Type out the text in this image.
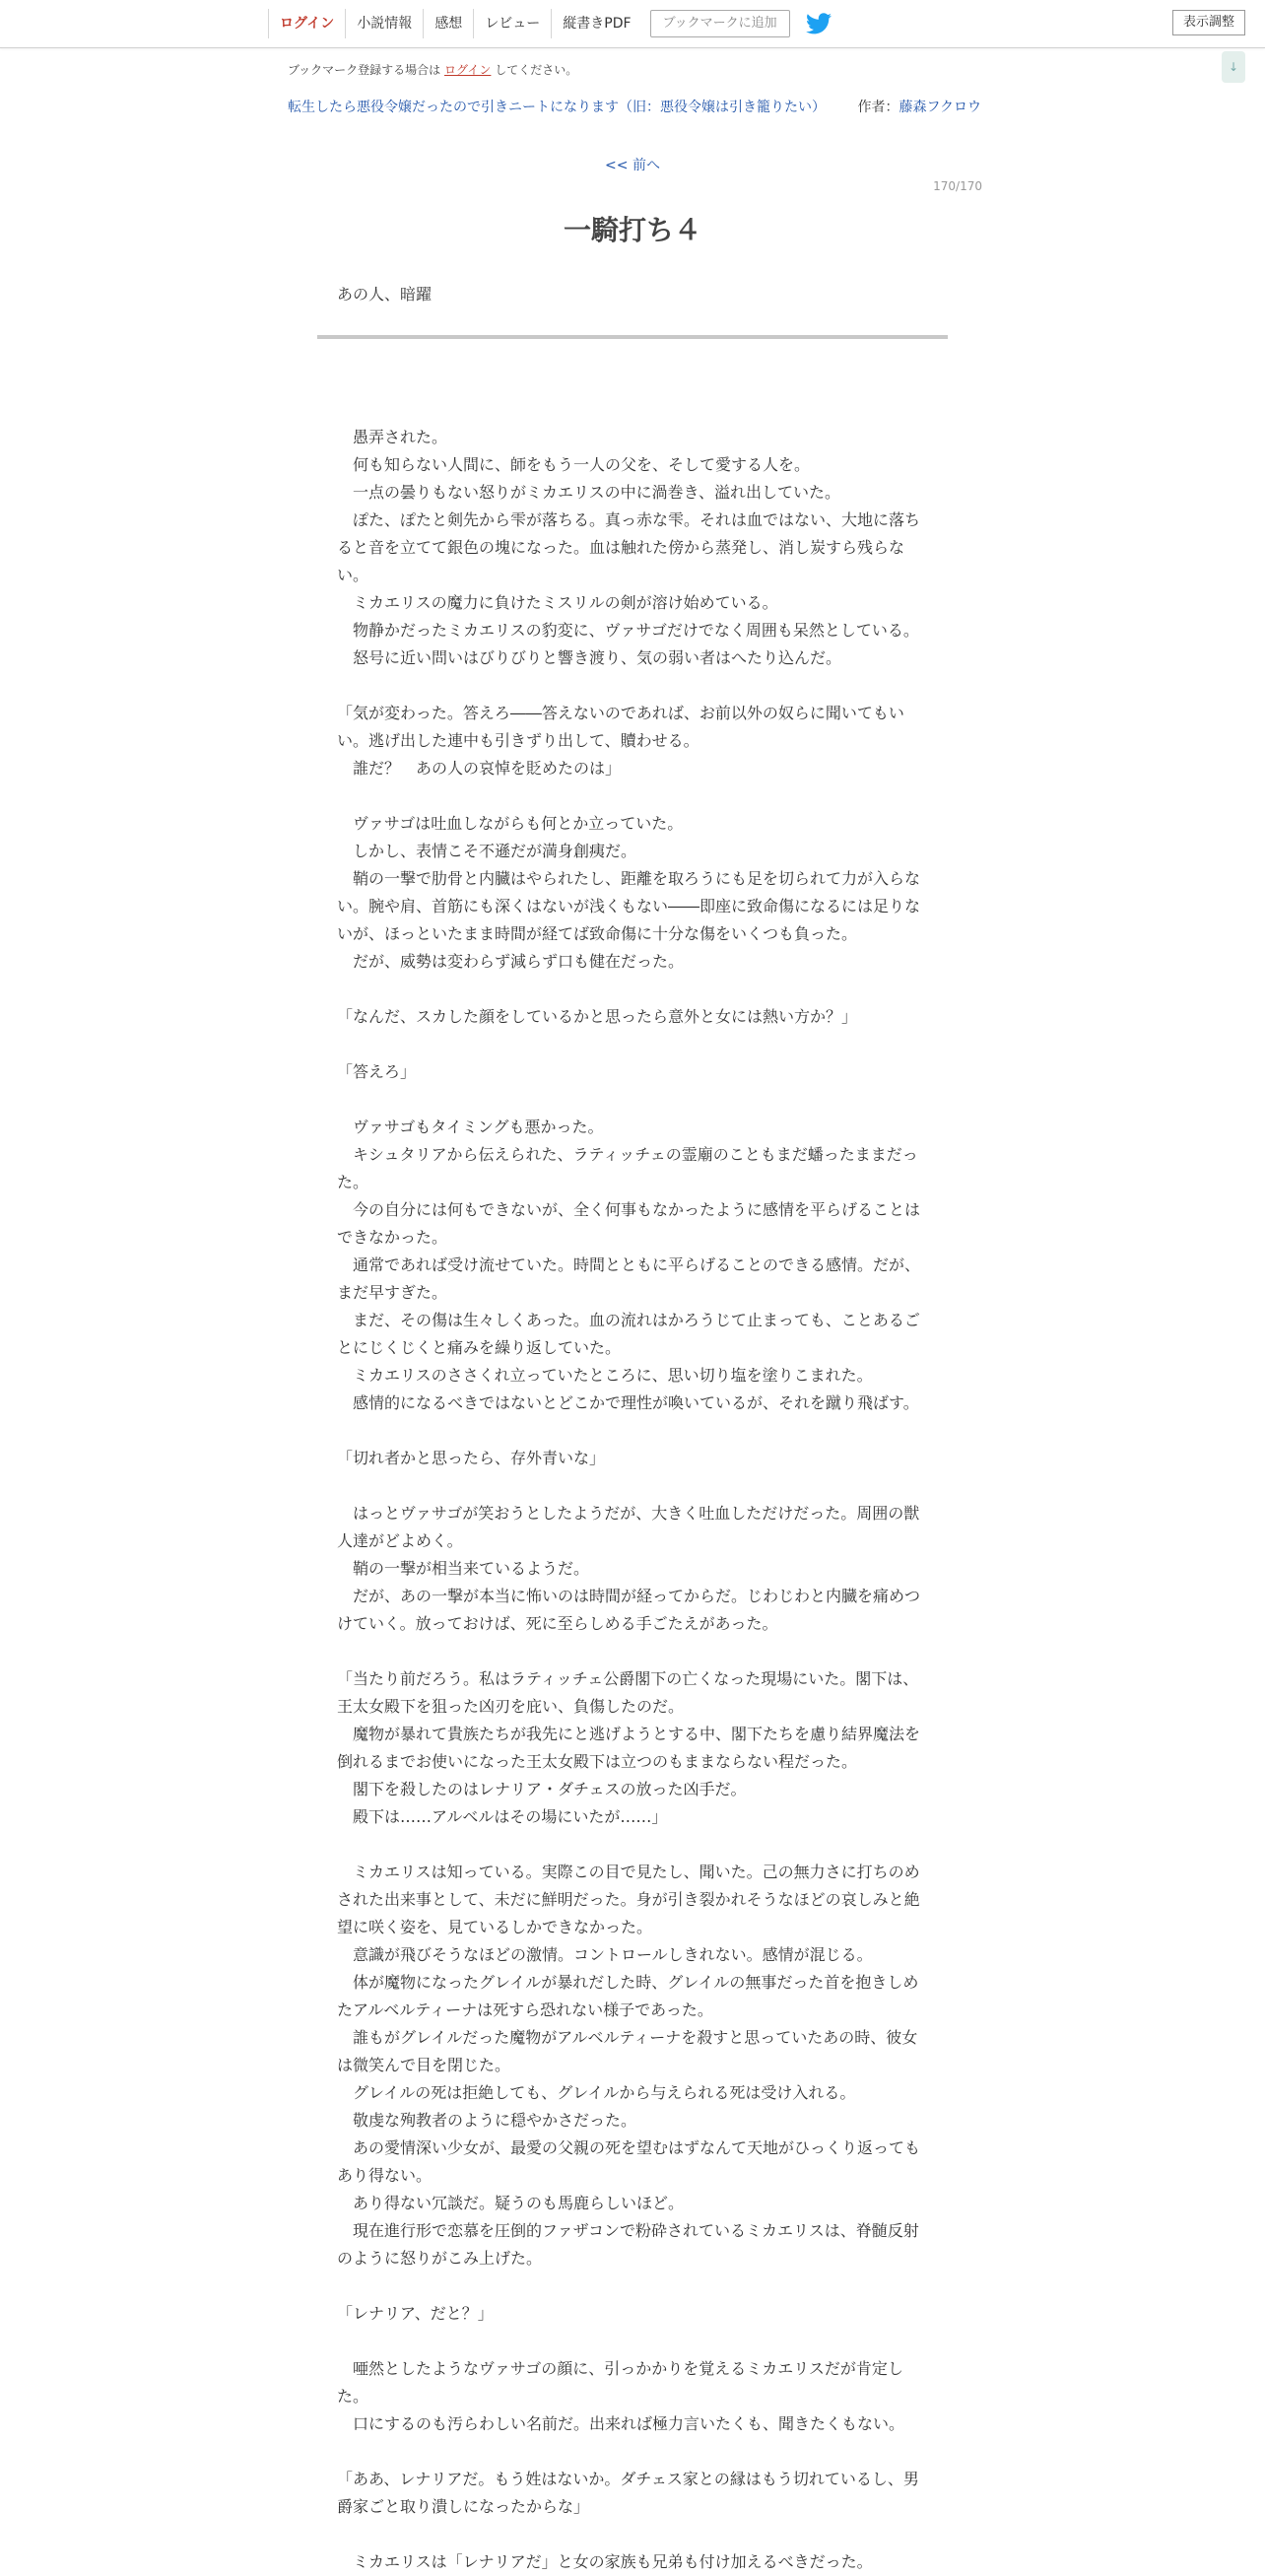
ログイン	小説情報	感想	レビュー	縦書きPDF	ブックマークに追加	表示調整
↓
ブックマーク登録する場合は ログイン してください。
転生したら悪役令嬢だったので引きニートになります（旧：悪役令嬢は引き籠りたい） 作者：藤森フクロウ
<< 前へ
170/170
一騎打ち４
あの人、暗躍
　愚弄された。
　何も知らない人間に、師をもう一人の父を、そして愛する人を。
　一点の曇りもない怒りがミカエリスの中に渦巻き、溢れ出していた。
　ぽた、ぽたと剣先から雫が落ちる。真っ赤な雫。それは血ではない、大地に落ちると音を立てて銀色の塊になった。血は触れた傍から蒸発し、消し炭すら残らない。
　ミカエリスの魔力に負けたミスリルの剣が溶け始めている。
　物静かだったミカエリスの豹変に、ヴァサゴだけでなく周囲も呆然としている。
　怒号に近い問いはびりびりと響き渡り、気の弱い者はへたり込んだ。
「気が変わった。答えろ――答えないのであれば、お前以外の奴らに聞いてもいい。逃げ出した連中も引きずり出して、贖わせる。
　誰だ？　あの人の哀悼を貶めたのは」
　ヴァサゴは吐血しながらも何とか立っていた。
　しかし、表情こそ不遜だが満身創痍だ。
　鞘の一撃で肋骨と内臓はやられたし、距離を取ろうにも足を切られて力が入らない。腕や肩、首筋にも深くはないが浅くもない――即座に致命傷になるには足りないが、ほっといたまま時間が経てば致命傷に十分な傷をいくつも負った。
　だが、威勢は変わらず減らず口も健在だった。
「なんだ、スカした顔をしているかと思ったら意外と女には熱い方か？」
「答えろ」
　ヴァサゴもタイミングも悪かった。
　キシュタリアから伝えられた、ラティッチェの霊廟のこともまだ蟠ったままだった。
　今の自分には何もできないが、全く何事もなかったように感情を平らげることはできなかった。
　通常であれば受け流せていた。時間とともに平らげることのできる感情。だが、まだ早すぎた。
　まだ、その傷は生々しくあった。血の流れはかろうじて止まっても、ことあるごとにじくじくと痛みを繰り返していた。
　ミカエリスのささくれ立っていたところに、思い切り塩を塗りこまれた。
　感情的になるべきではないとどこかで理性が喚いているが、それを蹴り飛ばす。
「切れ者かと思ったら、存外青いな」
　はっとヴァサゴが笑おうとしたようだが、大きく吐血しただけだった。周囲の獣人達がどよめく。
　鞘の一撃が相当来ているようだ。
　だが、あの一撃が本当に怖いのは時間が経ってからだ。じわじわと内臓を痛めつけていく。放っておけば、死に至らしめる手ごたえがあった。
「当たり前だろう。私はラティッチェ公爵閣下の亡くなった現場にいた。閣下は、王太女殿下を狙った凶刃を庇い、負傷したのだ。
　魔物が暴れて貴族たちが我先にと逃げようとする中、閣下たちを慮り結界魔法を倒れるまでお使いになった王太女殿下は立つのもままならない程だった。
　閣下を殺したのはレナリア・ダチェスの放った凶手だ。
　殿下は……アルベルはその場にいたが……」
　ミカエリスは知っている。実際この目で見たし、聞いた。己の無力さに打ちのめされた出来事として、未だに鮮明だった。身が引き裂かれそうなほどの哀しみと絶望に咲く姿を、見ているしかできなかった。
　意識が飛びそうなほどの激情。コントロールしきれない。感情が混じる。
　体が魔物になったグレイルが暴れだした時、グレイルの無事だった首を抱きしめたアルベルティーナは死すら恐れない様子であった。
　誰もがグレイルだった魔物がアルベルティーナを殺すと思っていたあの時、彼女は微笑んで目を閉じた。
　グレイルの死は拒絶しても、グレイルから与えられる死は受け入れる。
　敬虔な殉教者のように穏やかさだった。
　あの愛情深い少女が、最愛の父親の死を望むはずなんて天地がひっくり返ってもあり得ない。
　あり得ない冗談だ。疑うのも馬鹿らしいほど。
　現在進行形で恋慕を圧倒的ファザコンで粉砕されているミカエリスは、脊髄反射のように怒りがこみ上げた。
「レナリア、だと？」
　唖然としたようなヴァサゴの顔に、引っかかりを覚えるミカエリスだが肯定した。
　口にするのも汚らわしい名前だ。出来れば極力言いたくも、聞きたくもない。
「ああ、レナリアだ。もう姓はないか。ダチェス家との縁はもう切れているし、男爵家ごと取り潰しになったからな」
　ミカエリスは「レナリアだ」と女の家族も兄弟も付け加えるべきだった。
